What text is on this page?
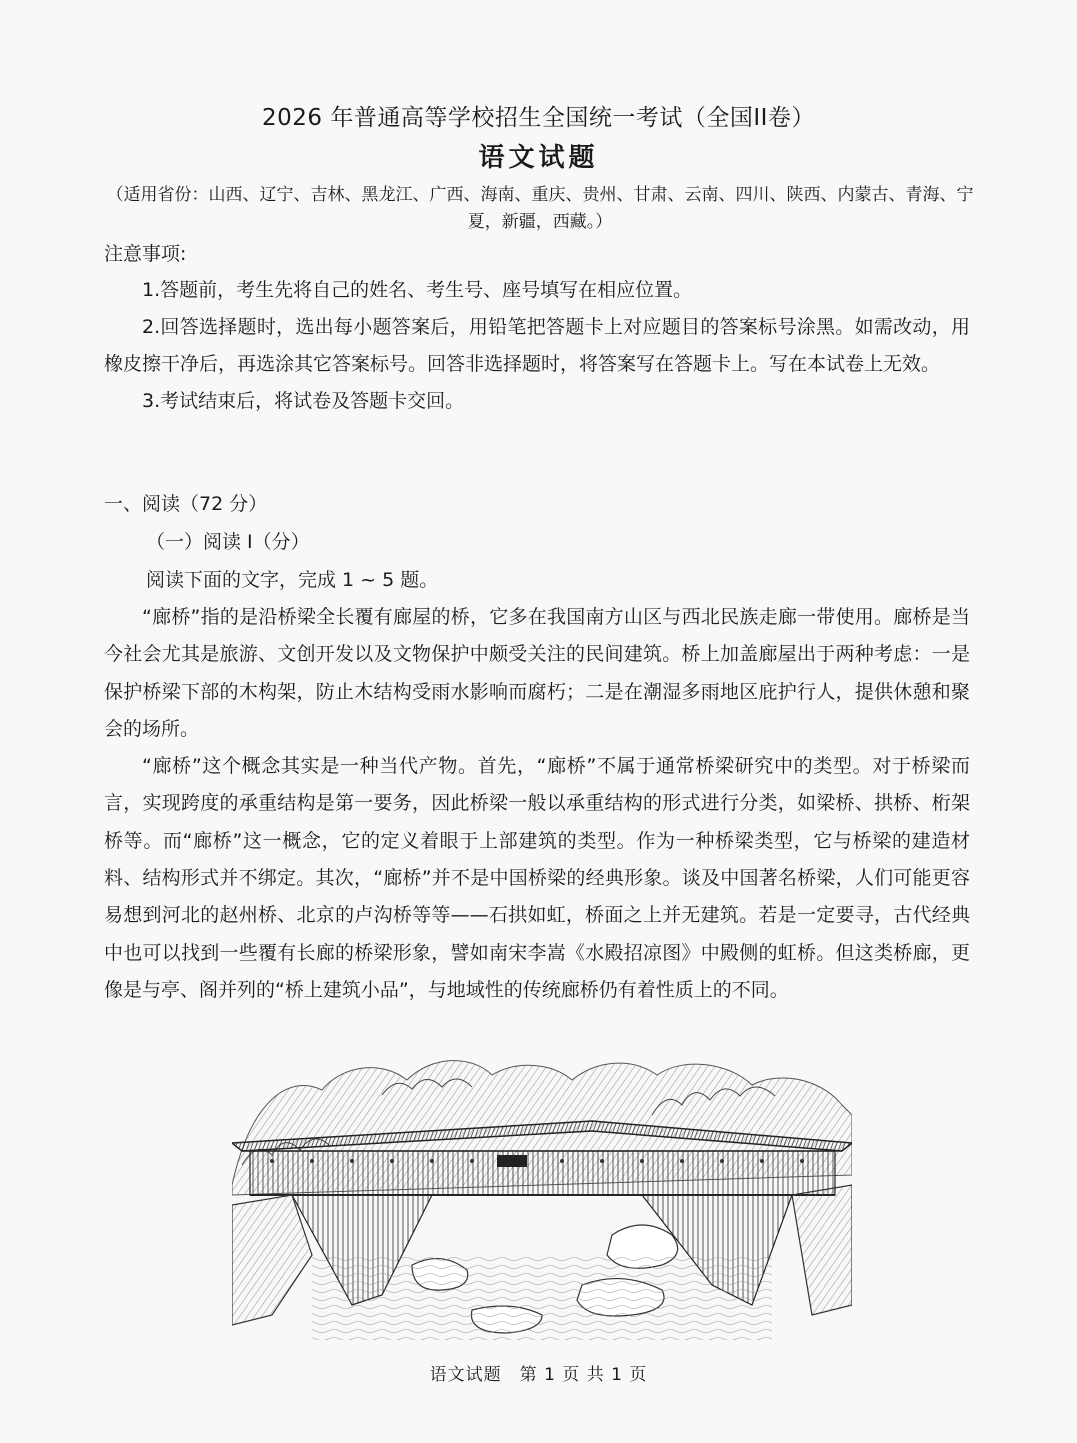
2026 年普通高等学校招生全国统一考试（全国II卷）
语文试题
（适用省份：山西、辽宁、吉林、黑龙江、广西、海南、重庆、贵州、甘肃、云南、四川、陕西、内蒙古、青海、宁夏，新疆，西藏。）
注意事项:

1.答题前，考生先将自己的姓名、考生号、座号填写在相应位置。

2.回答选择题时，选出每小题答案后，用铅笔把答题卡上对应题目的答案标号涂黑。如需改动，用橡皮擦干净后，再选涂其它答案标号。回答非选择题时，将答案写在答题卡上。写在本试卷上无效。

3.考试结束后，将试卷及答题卡交回。

一、阅读（72 分）
（一）阅读 I（分）
阅读下面的文字，完成 1 ~ 5 题。

“廊桥”指的是沿桥梁全长覆有廊屋的桥，它多在我国南方山区与西北民族走廊一带使用。廊桥是当今社会尤其是旅游、文创开发以及文物保护中颇受关注的民间建筑。桥上加盖廊屋出于两种考虑：一是保护桥梁下部的木构架，防止木结构受雨水影响而腐朽；二是在潮湿多雨地区庇护行人，提供休憩和聚会的场所。

“廊桥”这个概念其实是一种当代产物。首先，“廊桥”不属于通常桥梁研究中的类型。对于桥梁而言，实现跨度的承重结构是第一要务，因此桥梁一般以承重结构的形式进行分类，如梁桥、拱桥、桁架桥等。而“廊桥”这一概念，它的定义着眼于上部建筑的类型。作为一种桥梁类型，它与桥梁的建造材料、结构形式并不绑定。其次，“廊桥”并不是中国桥梁的经典形象。谈及中国著名桥梁，人们可能更容易想到河北的赵州桥、北京的卢沟桥等等——石拱如虹，桥面之上并无建筑。若是一定要寻，古代经典中也可以找到一些覆有长廊的桥梁形象，譬如南宋李嵩《水殿招凉图》中殿侧的虹桥。但这类桥廊，更像是与亭、阁并列的“桥上建筑小品”，与地域性的传统廊桥仍有着性质上的不同。

语文试题　第 1 页 共 1 页
